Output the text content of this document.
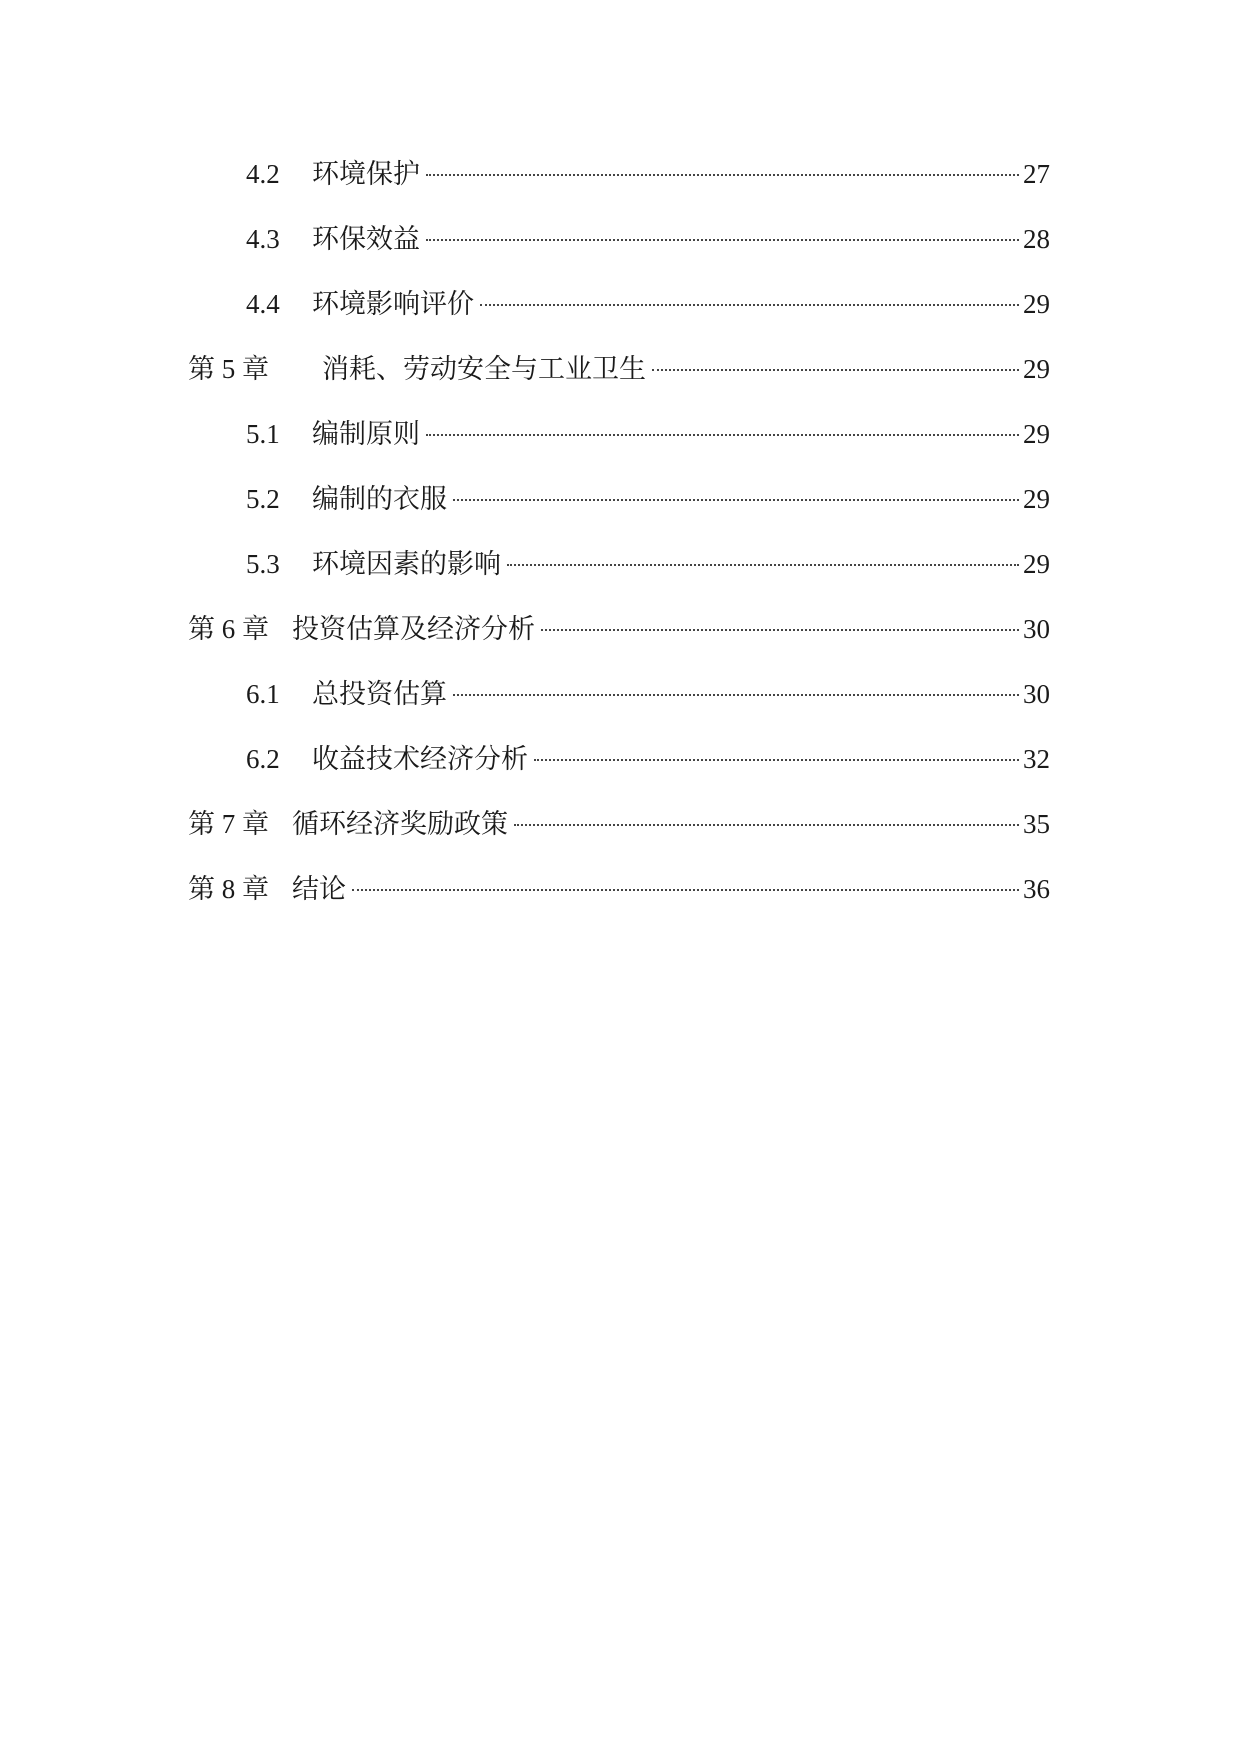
4.2	环境保护	27
4.3	环保效益	28
4.4	环境影响评价	29
第 5 章	消耗、劳动安全与工业卫生	29
5.1	编制原则	29
5.2	编制的衣服	29
5.3	环境因素的影响	29
第 6 章 投资估算及经济分析	30
6.1	总投资估算	30
6.2	收益技术经济分析	32
第 7 章 循环经济奖励政策	35
第 8 章 结论	36
